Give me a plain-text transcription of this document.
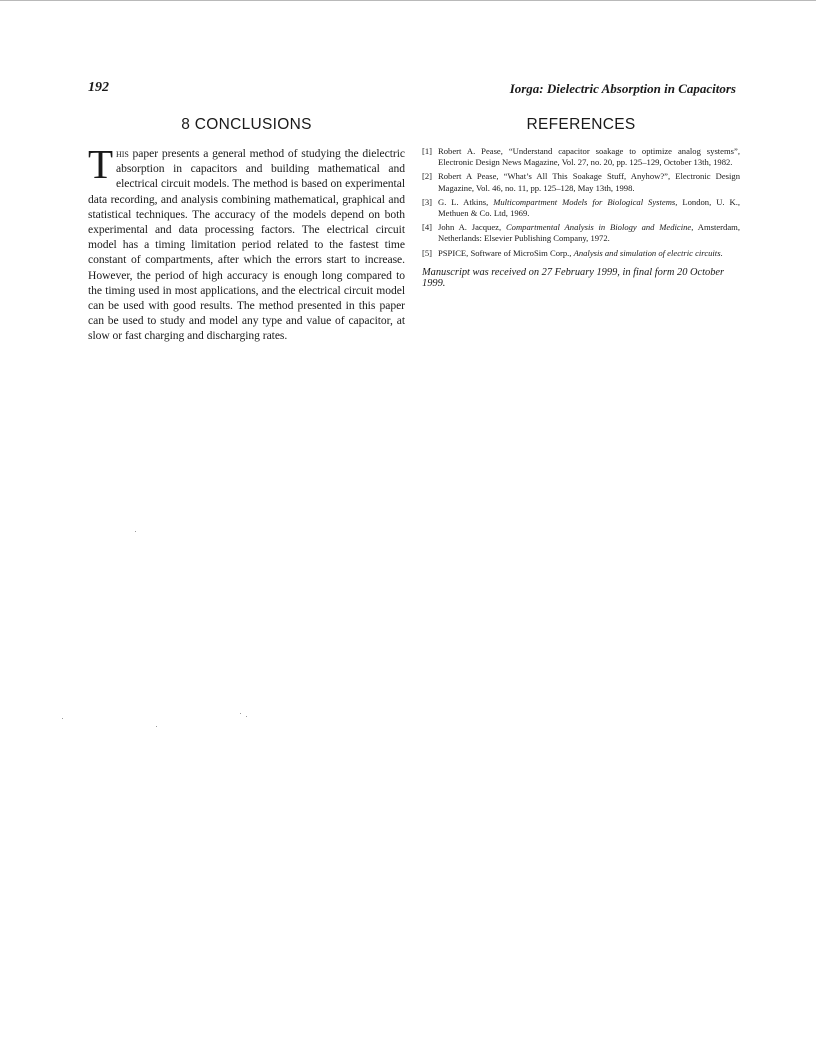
192	Iorga: Dielectric Absorption in Capacitors
8 CONCLUSIONS

This paper presents a general method of studying the dielectric absorption in capacitors and building mathematical and electrical circuit models. The method is based on experimental data recording, and analysis combining mathematical, graphical and statistical techniques. The accuracy of the models depend on both experimental and data processing factors. The electrical circuit model has a timing limitation period related to the fastest time constant of compartments, after which the errors start to increase. However, the period of high accuracy is enough long compared to the timing used in most applications, and the electrical circuit model can be used with good results. The method presented in this paper can be used to study and model any type and value of capacitor, at slow or fast charging and discharging rates.

REFERENCES
[1] Robert A. Pease, “Understand capacitor soakage to optimize analog systems”, Electronic Design News Magazine, Vol. 27, no. 20, pp. 125–129, October 13th, 1982.
[2] Robert A Pease, “What’s All This Soakage Stuff, Anyhow?”, Electronic Design Magazine, Vol. 46, no. 11, pp. 125–128, May 13th, 1998.
[3] G. L. Atkins, Multicompartment Models for Biological Systems, London, U. K., Methuen & Co. Ltd, 1969.
[4] John A. Jacquez, Compartmental Analysis in Biology and Medicine, Amsterdam, Netherlands: Elsevier Publishing Company, 1972.
[5] PSPICE, Software of MicroSim Corp., Analysis and simulation of electric circuits.
Manuscript was received on 27 February 1999, in final form 20 October 1999.
